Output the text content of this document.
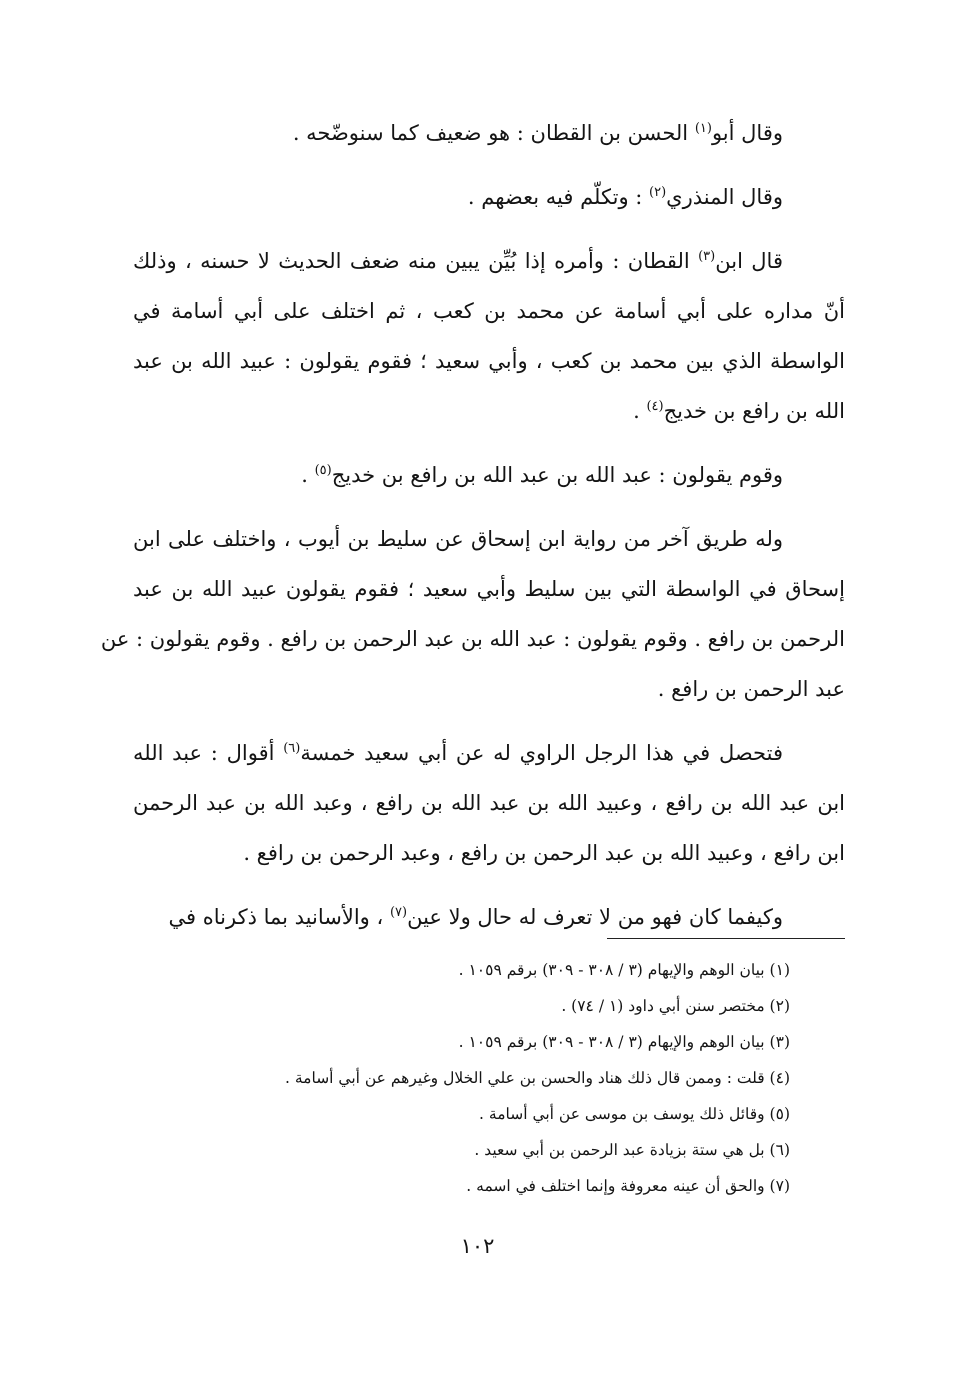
وقال أبو$^{(١)}$ الحسن بن القطان : هو ضعيف كما سنوضّحه .
وقال المنذري$^{(٢)}$ : وتكلّم فيه بعضهم .
قال ابن$^{(٣)}$ القطان : وأمره إذا بُيِّن يبين منه ضعف الحديث لا حسنه ، وذلك
أنّ مداره على أبي أسامة عن محمد بن كعب ، ثم اختلف على أبي أسامة في
الواسطة الذي بين محمد بن كعب ، وأبي سعيد ؛ فقوم يقولون : عبيد الله بن عبد
الله بن رافع بن خديج$^{(٤)}$ .
وقوم يقولون : عبد الله بن عبد الله بن رافع بن خديج$^{(٥)}$ .
وله طريق آخر من رواية ابن إسحاق عن سليط بن أيوب ، واختلف على ابن
إسحاق في الواسطة التي بين سليط وأبي سعيد ؛ فقوم يقولون عبيد الله بن عبد
الرحمن بن رافع . وقوم يقولون : عبد الله بن عبد الرحمن بن رافع . وقوم يقولون : عن
عبد الرحمن بن رافع .
فتحصل في هذا الرجل الراوي له عن أبي سعيد خمسة$^{(٦)}$ أقوال : عبد الله
ابن عبد الله بن رافع ، وعبيد الله بن عبد الله بن رافع ، وعبد الله بن عبد الرحمن
ابن رافع ، وعبيد الله بن عبد الرحمن بن رافع ، وعبد الرحمن بن رافع .
وكيفما كان فهو من لا تعرف له حال ولا عين$^{(٧)}$ ، والأسانيد بما ذكرناه في
(١) بيان الوهم والإيهام (٣ / ٣٠٨ - ٣٠٩) برقم ١٠٥٩ .
(٢) مختصر سنن أبي داود (١ / ٧٤) .
(٣) بيان الوهم والإيهام (٣ / ٣٠٨ - ٣٠٩) برقم ١٠٥٩ .
(٤) قلت : وممن قال ذلك هناد والحسن بن علي الخلال وغيرهم عن أبي أسامة .
(٥) وقائل ذلك يوسف بن موسى عن أبي أسامة .
(٦) بل هي ستة بزيادة عبد الرحمن بن أبي سعيد .
(٧) والحق أن عينه معروفة وإنما اختلف في اسمه .
١٠٢
